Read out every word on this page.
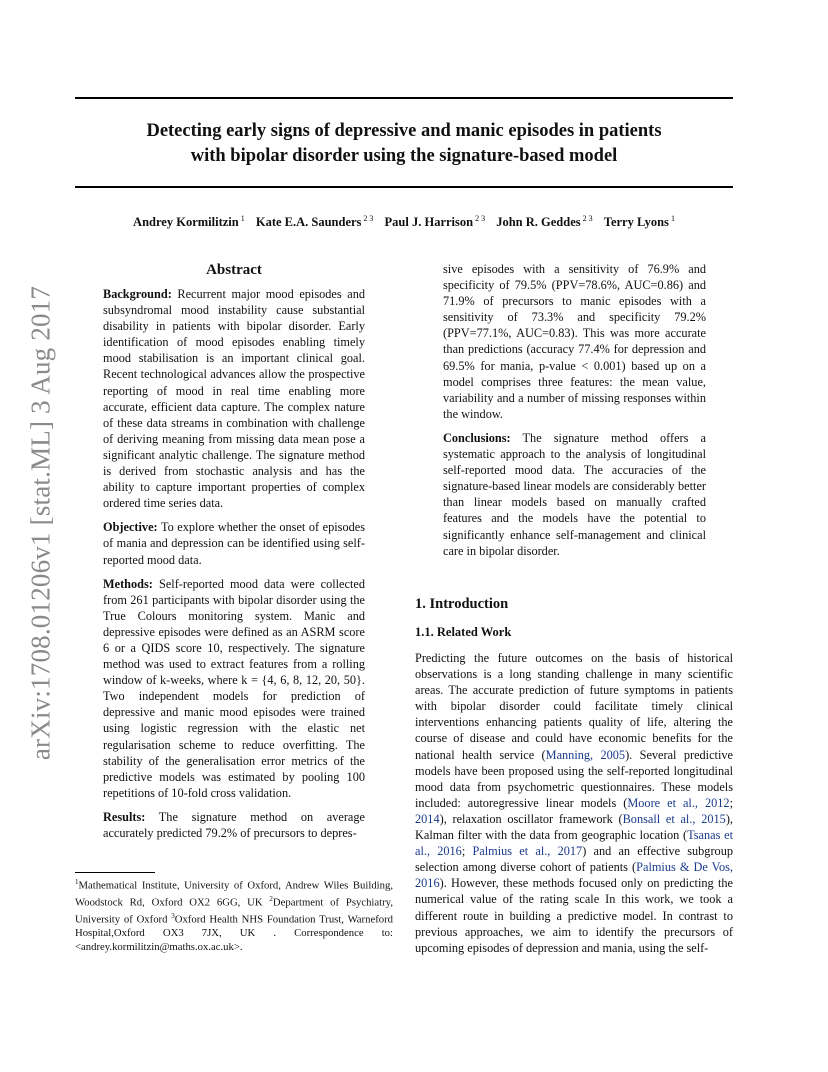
Detecting early signs of depressive and manic episodes in patients
with bipolar disorder using the signature-based model
Andrey Kormilitzin $^1$ Kate E.A. Saunders $^{2 3}$ Paul J. Harrison $^{2 3}$ John R. Geddes $^{2 3}$ Terry Lyons $^1$
arXiv:1708.01206v1 [stat.ML] 3 Aug 2017
Abstract

Background: Recurrent major mood episodes and subsyndromal mood instability cause substantial disability in patients with bipolar disorder. Early identification of mood episodes enabling timely mood stabilisation is an important clinical goal. Recent technological advances allow the prospective reporting of mood in real time enabling more accurate, efficient data capture. The complex nature of these data streams in combination with challenge of deriving meaning from missing data mean pose a significant analytic challenge. The signature method is derived from stochastic analysis and has the ability to capture important properties of complex ordered time series data.

Objective: To explore whether the onset of episodes of mania and depression can be identified using self-reported mood data.

Methods: Self-reported mood data were collected from 261 participants with bipolar disorder using the True Colours monitoring system. Manic and depressive episodes were defined as an ASRM score 6 or a QIDS score 10, respectively. The signature method was used to extract features from a rolling window of k-weeks, where k = {4, 6, 8, 12, 20, 50}. Two independent models for prediction of depressive and manic mood episodes were trained using logistic regression with the elastic net regularisation scheme to reduce overfitting. The stability of the generalisation error metrics of the predictive models was estimated by pooling 100 repetitions of 10-fold cross validation.

Results: The signature method on average accurately predicted 79.2% of precursors to depres-

$^1$Mathematical Institute, University of Oxford, Andrew Wiles Building, Woodstock Rd, Oxford OX2 6GG, UK $^2$Department of Psychiatry, University of Oxford $^3$Oxford Health NHS Foundation Trust, Warneford Hospital,Oxford OX3 7JX, UK . Correspondence to: <andrey.kormilitzin@maths.ox.ac.uk>.

sive episodes with a sensitivity of 76.9% and specificity of 79.5% (PPV=78.6%, AUC=0.86) and 71.9% of precursors to manic episodes with a sensitivity of 73.3% and specificity 79.2% (PPV=77.1%, AUC=0.83). This was more accurate than predictions (accuracy 77.4% for depression and 69.5% for mania, p-value < 0.001) based up on a model comprises three features: the mean value, variability and a number of missing responses within the window.

Conclusions: The signature method offers a systematic approach to the analysis of longitudinal self-reported mood data. The accuracies of the signature-based linear models are considerably better than linear models based on manually crafted features and the models have the potential to significantly enhance self-management and clinical care in bipolar disorder.

1. Introduction
1.1. Related Work

Predicting the future outcomes on the basis of historical observations is a long standing challenge in many scientific areas. The accurate prediction of future symptoms in patients with bipolar disorder could facilitate timely clinical interventions enhancing patients quality of life, altering the course of disease and could have economic benefits for the national health service (Manning, 2005). Several predictive models have been proposed using the self-reported longitudinal mood data from psychometric questionnaires. These models included: autoregressive linear models (Moore et al., 2012; 2014), relaxation oscillator framework (Bonsall et al., 2015), Kalman filter with the data from geographic location (Tsanas et al., 2016; Palmius et al., 2017) and an effective subgroup selection among diverse cohort of patients (Palmius & De Vos, 2016). However, these methods focused only on predicting the numerical value of the rating scale In this work, we took a different route in building a predictive model. In contrast to previous approaches, we aim to identify the precursors of upcoming episodes of depression and mania, using the self-
